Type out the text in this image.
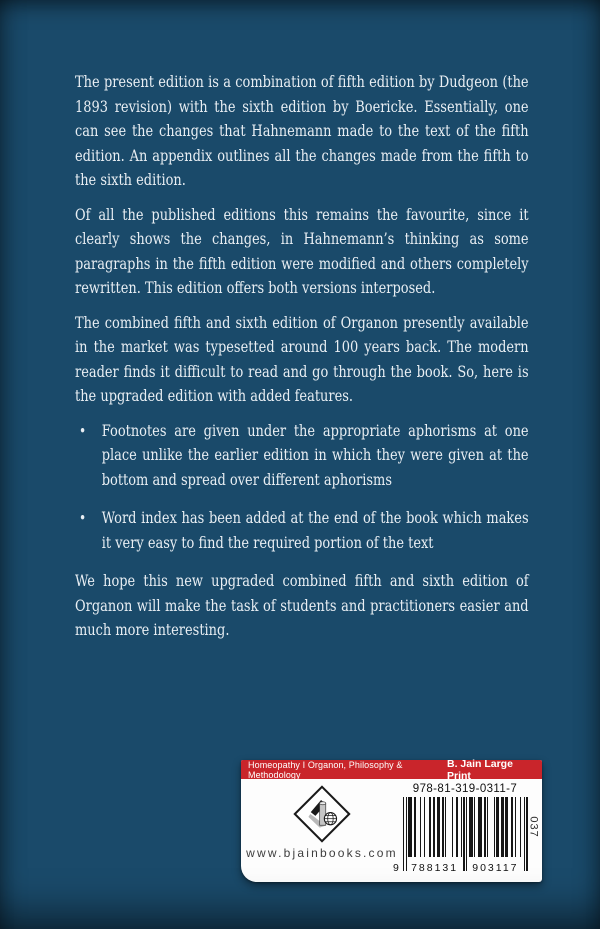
The present edition is a combination of fifth edition by Dudgeon (the 1893 revision) with the sixth edition by Boericke. Essentially, one can see the changes that Hahnemann made to the text of the fifth edition. An appendix outlines all the changes made from the fifth to the sixth edition.

Of all the published editions this remains the favourite, since it clearly shows the changes, in Hahnemann’s thinking as some paragraphs in the fifth edition were modified and others completely rewritten. This edition offers both versions interposed.

The combined fifth and sixth edition of Organon presently available in the market was typesetted around 100 years back. The modern reader finds it difficult to read and go through the book. So, here is the upgraded edition with added features.

• Footnotes are given under the appropriate aphorisms at one place unlike the earlier edition in which they were given at the bottom and spread over different aphorisms
• Word index has been added at the end of the book which makes it very easy to find the required portion of the text

We hope this new upgraded combined fifth and sixth edition of Organon will make the task of students and practitioners easier and much more interesting.

Homeopathy I Organon, Philosophy & Methodology
B. Jain Large Print
www.bjainbooks.com
978-81-319-0311-7
9 788131	903117
037
